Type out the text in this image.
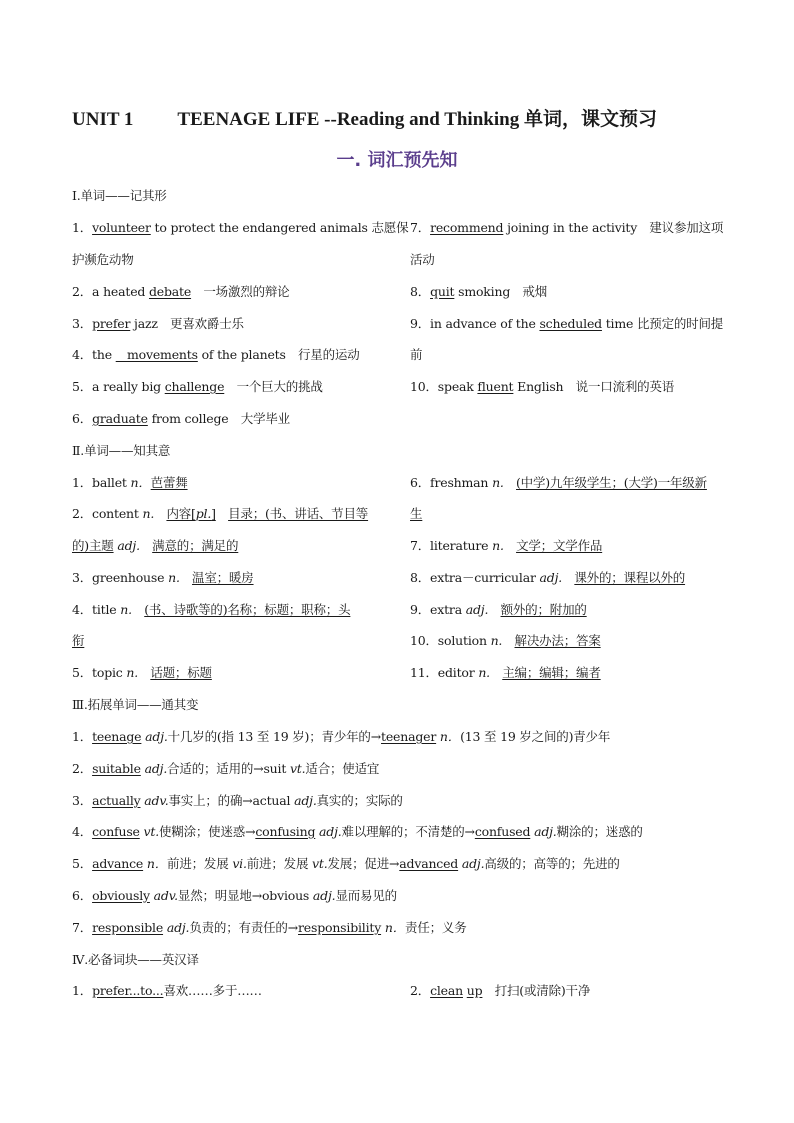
UNIT 1 TEENAGE LIFE --Reading and Thinking 单词，课文预习
一. 词汇预先知
Ⅰ.单词——记其形
1．volunteer to protect the endangered animals 志愿保
护濒危动物
2．a heated debate　一场激烈的辩论
3．prefer jazz　更喜欢爵士乐
4．the    movements of the planets　行星的运动
5．a really big challenge　一个巨大的挑战
6．graduate from college　大学毕业
7．recommend joining in the activity　建议参加这项
活动
8．quit smoking　戒烟
9．in advance of the scheduled time 比预定的时间提
前
10．speak fluent English　说一口流利的英语
Ⅱ.单词——知其意
1．ballet n．芭蕾舞
2．content n.　 内容[pl.]　 目录；(书、讲话、节目等
的)主题 adj.　 满意的；满足的
3．greenhouse n.　 温室；暖房
4．title n.　 (书、诗歌等的)名称；标题；职称；头
衔
5．topic n.　 话题；标题
6．freshman n.　 (中学)九年级学生；(大学)一年级新
生
7．literature n.　 文学；文学作品
8．extra－curricular adj.　 课外的；课程以外的
9．extra adj.　 额外的；附加的
10．solution n.　 解决办法；答案
11．editor n.　 主编；编辑；编者
Ⅲ.拓展单词——通其变
1．teenage adj.十几岁的(指 13 至 19 岁)；青少年的→teenager n．(13 至 19 岁之间的)青少年
2．suitable adj.合适的；适用的→suit vt.适合；使适宜
3．actually adv.事实上；的确→actual adj.真实的；实际的
4．confuse vt.使糊涂；使迷惑→confusing adj.难以理解的；不清楚的→confused adj.糊涂的；迷惑的
5．advance n．前进；发展 vi.前进；发展 vt.发展；促进→advanced adj.高级的；高等的；先进的
6．obviously adv.显然；明显地→obvious adj.显而易见的
7．responsible adj.负责的；有责任的→responsibility n．责任；义务
Ⅳ.必备词块——英汉译
1．prefer...to...喜欢……多于……	2．clean up　打扫(或清除)干净
